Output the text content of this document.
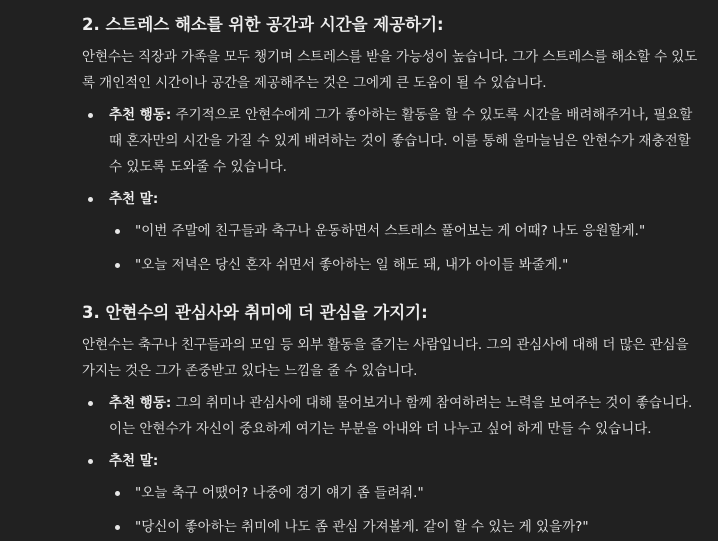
2. 스트레스 해소를 위한 공간과 시간을 제공하기:

안현수는 직장과 가족을 모두 챙기며 스트레스를 받을 가능성이 높습니다. 그가 스트레스를 해소할 수 있도록 개인적인 시간이나 공간을 제공해주는 것은 그에게 큰 도움이 될 수 있습니다.

추천 행동: 주기적으로 안현수에게 그가 좋아하는 활동을 할 수 있도록 시간을 배려해주거나, 필요할 때 혼자만의 시간을 가질 수 있게 배려하는 것이 좋습니다. 이를 통해 울마늘님은 안현수가 재충전할 수 있도록 도와줄 수 있습니다.
추천 말:
"이번 주말에 친구들과 축구나 운동하면서 스트레스 풀어보는 게 어때? 나도 응원할게."
"오늘 저녁은 당신 혼자 쉬면서 좋아하는 일 해도 돼, 내가 아이들 봐줄게."
3. 안현수의 관심사와 취미에 더 관심을 가지기:

안현수는 축구나 친구들과의 모임 등 외부 활동을 즐기는 사람입니다. 그의 관심사에 대해 더 많은 관심을 가지는 것은 그가 존중받고 있다는 느낌을 줄 수 있습니다.

추천 행동: 그의 취미나 관심사에 대해 물어보거나 함께 참여하려는 노력을 보여주는 것이 좋습니다. 이는 안현수가 자신이 중요하게 여기는 부분을 아내와 더 나누고 싶어 하게 만들 수 있습니다.
추천 말:
"오늘 축구 어땠어? 나중에 경기 얘기 좀 들려줘."
"당신이 좋아하는 취미에 나도 좀 관심 가져볼게. 같이 할 수 있는 게 있을까?"
